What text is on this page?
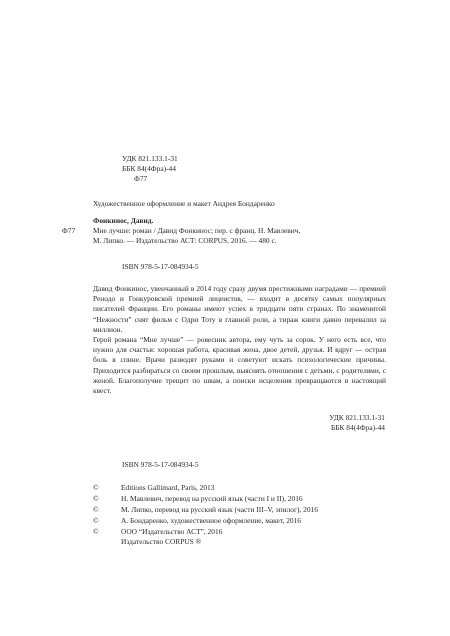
УДК 821.133.1-31
ББК 84(4Фра)-44
Ф77
Художественное оформление и макет Андрея Бондаренко
Ф77
Фонкинос, Давид.
Мне лучше: роман / Давид Фонкинос; пер. с франц. Н. Мавлевич,
М. Липко. — Издательство АСТ: CORPUS, 2016. — 480 с.
ISBN 978-5-17-084934-5

Давид Фонкинос, увенчанный в 2014 году сразу двумя престижными наградами — премией Ренодо и Гонкуровской премией лицеистов, — входит в десятку самых популярных писателей Франции. Его романы имеют успех в тридцати пяти странах. По знаменитой “Нежности” снят фильм с Одри Тоту в главной роли, а тираж книги давно перевалил за миллион.

Герой романа “Мне лучше” — ровесник автора, ему чуть за сорок. У него есть все, что нужно для счастья: хорошая работа, красивая жена, двое детей, друзья. И вдруг — острая боль в спине. Врачи разводят руками и советуют искать психологические причины. Приходится разбираться со своим прошлым, выяснять отношения с детьми, с родителями, с женой. Благополучие трещит по швам, а поиски исцеления превращаются в настоящий квест.

УДК 821.133.1-31
ББК 84(4Фра)-44
ISBN 978-5-17-084934-5
©	Editions Gallimard, Paris, 2013
©	Н. Мавлевич, перевод на русский язык (части I и II), 2016
©	М. Липко, перевод на русский язык (части III–V, эпилог), 2016
©	А. Бондаренко, художественное оформление, макет, 2016
©	ООО “Издательство АСТ”, 2016
Издательство CORPUS ®
